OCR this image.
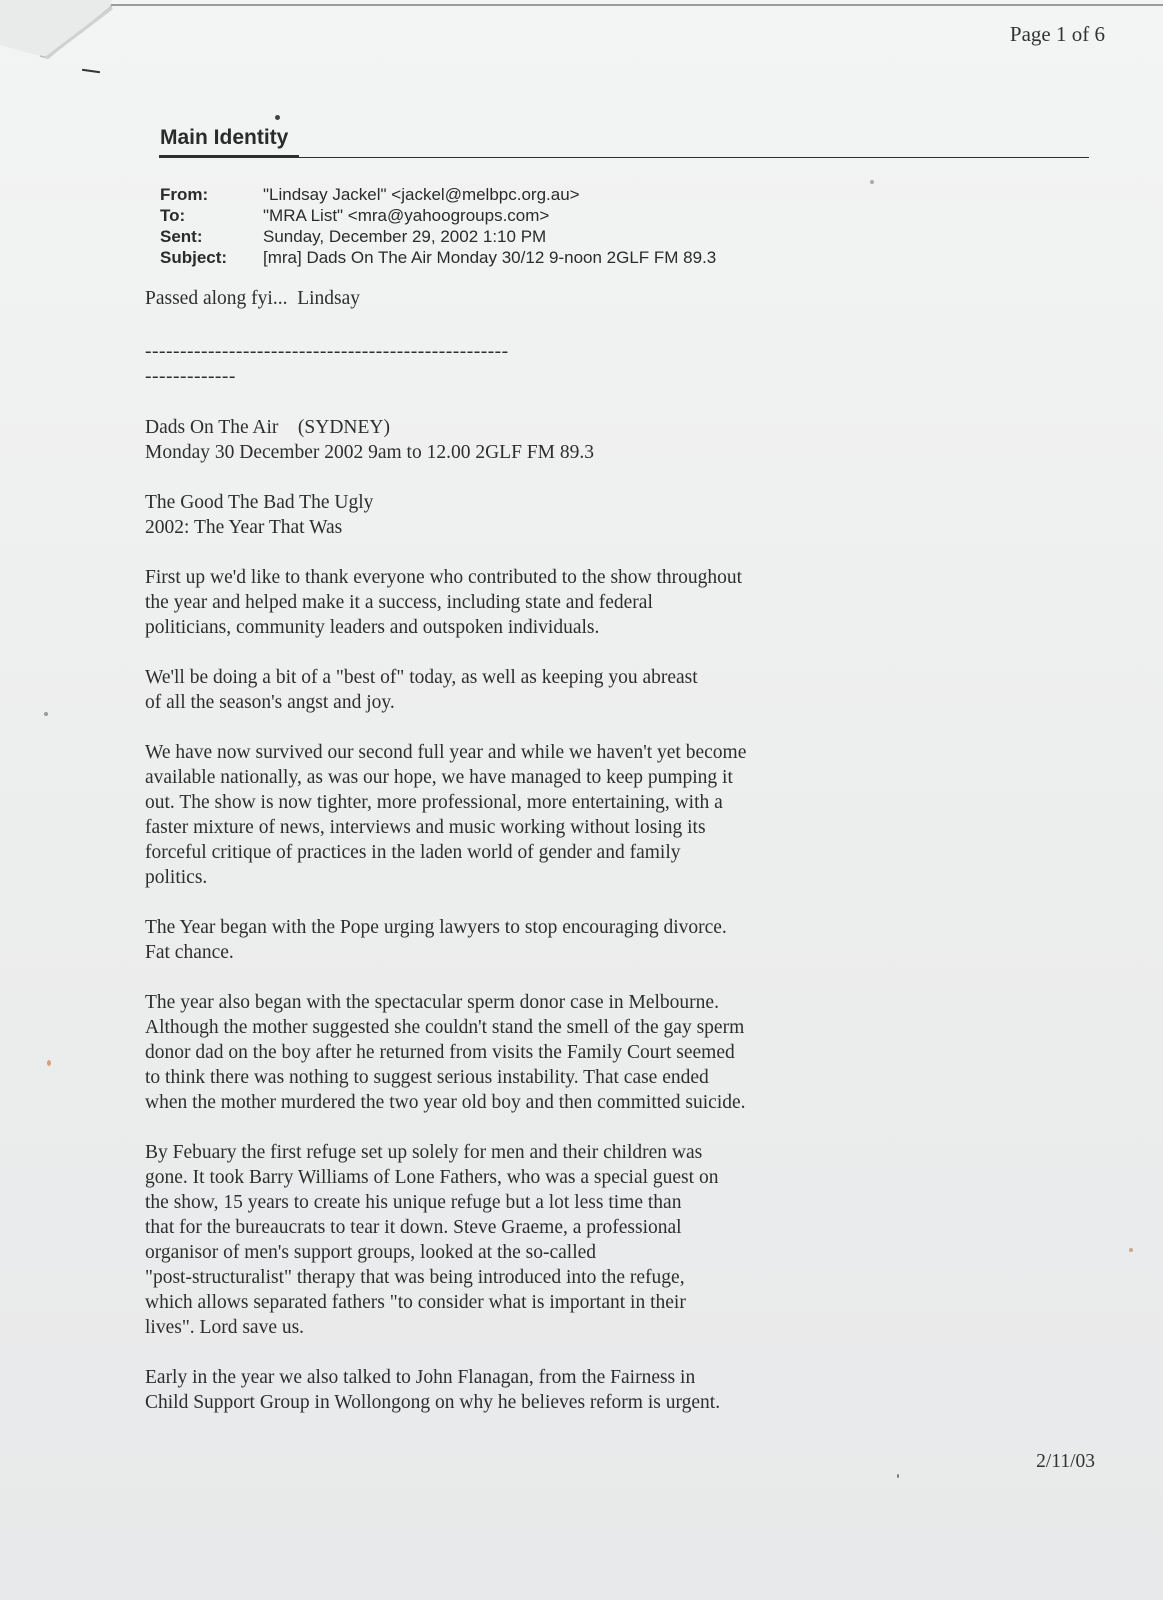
Page 1 of 6
Main Identity
From:	"Lindsay Jackel" <jackel@melbpc.org.au>
To:	"MRA List" <mra@yahoogroups.com>
Sent:	Sunday, December 29, 2002 1:10 PM
Subject:	[mra] Dads On The Air Monday 30/12 9-noon 2GLF FM 89.3

Passed along fyi...  Lindsay

-----------------------------------------------------------------

Dads On The Air    (SYDNEY)
Monday 30 December 2002 9am to 12.00 2GLF FM 89.3

The Good The Bad The Ugly
2002: The Year That Was

First up we'd like to thank everyone who contributed to the show throughout
the year and helped make it a success, including state and federal
politicians, community leaders and outspoken individuals.

We'll be doing a bit of a "best of" today, as well as keeping you abreast
of all the season's angst and joy.

We have now survived our second full year and while we haven't yet become
available nationally, as was our hope, we have managed to keep pumping it
out. The show is now tighter, more professional, more entertaining, with a
faster mixture of news, interviews and music working without losing its
forceful critique of practices in the laden world of gender and family
politics.

The Year began with the Pope urging lawyers to stop encouraging divorce.
Fat chance.

The year also began with the spectacular sperm donor case in Melbourne.
Although the mother suggested she couldn't stand the smell of the gay sperm
donor dad on the boy after he returned from visits the Family Court seemed
to think there was nothing to suggest serious instability. That case ended
when the mother murdered the two year old boy and then committed suicide.

By Febuary the first refuge set up solely for men and their children was
gone. It took Barry Williams of Lone Fathers, who was a special guest on
the show, 15 years to create his unique refuge but a lot less time than
that for the bureaucrats to tear it down. Steve Graeme, a professional
organisor of men's support groups, looked at the so-called
"post-structuralist" therapy that was being introduced into the refuge,
which allows separated fathers "to consider what is important in their
lives". Lord save us.

Early in the year we also talked to John Flanagan, from the Fairness in
Child Support Group in Wollongong on why he believes reform is urgent.

2/11/03
